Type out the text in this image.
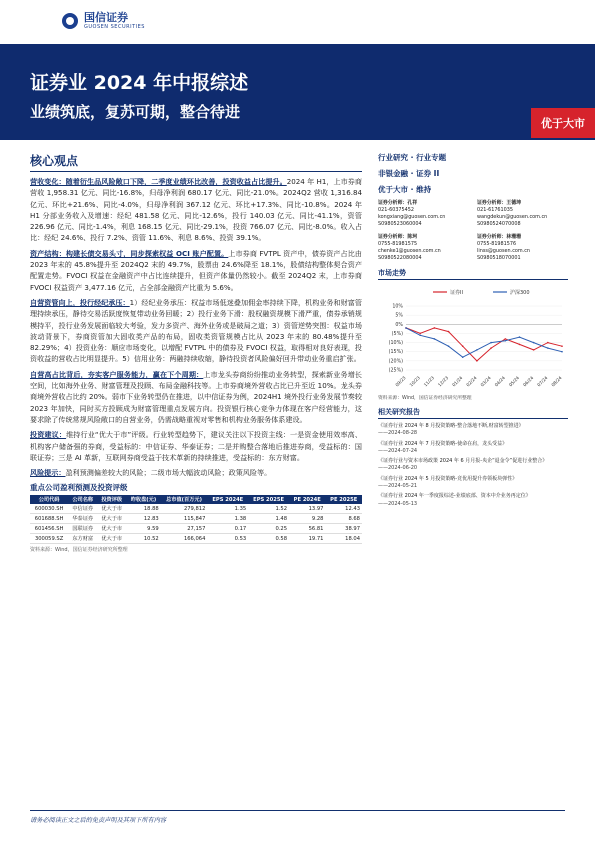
国信证券
GUOSEN SECURITIES
证券业 2024 年中报综述
业绩筑底，复苏可期，整合待进
优于大市
核心观点
营收变化：随着衍生品风险敞口下降，二季度业绩环比改善，投资收益占比提升。2024 年 H1，上市券商营收 1,958.31 亿元、同比-16.8%，归母净利润 680.17 亿元、同比-21.0%。2024Q2 营收 1,316.84 亿元、环比+21.6%、同比-4.0%，归母净利润 367.12 亿元、环比+17.3%、同比-10.8%。2024 年 H1 分部业务收入及增速：经纪 481.58 亿元、同比-12.6%，投行 140.03 亿元、同比-41.1%，资管 226.96 亿元、同比-1.4%，利息 168.15 亿元、同比-29.1%，投资 766.07 亿元、同比-8.0%。收入占比：经纪 24.6%、投行 7.2%、资管 11.6%、利息 8.6%、投资 39.1%。
资产结构：构建长债交易头寸，同步探索权益 OCI 账户配置。上市券商 FVTPL 资产中，债券资产占比由 2023 年末的 45.8%提升至 2024Q2 末的 49.7%，股票由 24.6%降至 18.1%，股债结构整体契合资产配置走势。FVOCI 权益在金融资产中占比连续提升，但资产体量仍然较小。截至 2024Q2 末，上市券商 FVOCI 权益资产 3,477.16 亿元，占全部金融资产比重为 5.6%。
自营资管向上，投行经纪承压：1）经纪业务承压：权益市场低迷叠加佣金率持续下降，机构业务和财富管理持续承压，静待交易活跃度恢复带动业务回暖；2）投行业务下滑：股权融资规模下滑严重，债券承销规模持平，投行业务发展面临较大考验，发力多资产、海外业务或是破局之道；3）资管逆势突围：权益市场波动背景下，券商资管加大固收类产品的布局，固收类资管规模占比从 2023 年末的 80.48%提升至 82.29%；4）投资业务：顺应市场变化，以增配 FVTPL 中的债券及 FVOCI 权益，取得相对良好表现，投资收益的营收占比明显提升。5）信用业务：两融持续收缩，静待投资者风险偏好回升带动业务重启扩张。
自营高占比背后，夯实客户服务能力，赢在下个周期：上市龙头券商纷纷推动业务转型，探索新业务增长空间，比如海外业务、财富管理及投顾、布局金融科技等。上市券商境外营收占比已升至近 10%。龙头券商境外营收占比约 20%。弱市下业务转型仍在推进，以中信证券为例，2024H1 境外投行业务发展节奏较 2023 年加快，同时买方投顾成为财富管理重点发展方向。投资银行核心竞争力体现在客户经营能力，这要求除了传统常规风险敞口的自营业务，仍需战略重视对零售和机构业务服务体系建设。
投资建议：维持行业“优大于市”评级。行业转型趋势下，建议关注以下投资主线：一是资金使用效率高、机构客户储备强的券商，受益标的：中信证券、华泰证券；二是并购整合落地后推进券商，受益标的：国联证券；三是 AI 革新，互联网券商受益于技术革新的持续推进，受益标的：东方财富。
风险提示：盈利预测偏差较大的风险；二级市场大幅波动风险；政策风险等。
重点公司盈利预测及投资评级
公司代码	公司名称	投资评级	昨收盘(元)	总市值(百万元)	EPS 2024E	EPS 2025E	PE 2024E	PE 2025E
600030.SH	中信证券	优大于市	18.88	279,812	1.35	1.52	13.97	12.43
601688.SH	华泰证券	优大于市	12.83	115,847	1.38	1.48	9.28	8.68
601456.SH	国联证券	优大于市	9.59	27,157	0.17	0.25	56.81	38.97
300059.SZ	东方财富	优大于市	10.52	166,064	0.53	0.58	19.71	18.04
资料来源：Wind，国信证券经济研究所整理
行业研究 · 行业专题
非银金融 · 证券 II
优于大市 · 维持
证券分析师：孔祥
021-60375452
kongxiang@guosen.com.cn
S0980523060004
证券分析师：王德坤
021-61761035
wangdekun@guosen.com.cn
S0980524070008
证券分析师：陈珂
0755-81981575
chenke1@guosen.com.cn
S0980522080004
证券分析师：林珊珊
0755-81981576
linss@guosen.com.cn
S0980518070001
市场走势
证券II	沪深300
10%
5%
0%
(5%)
(10%)
(15%)
(20%)
(25%)
09/23 10/23 11/23 12/23 01/24 02/24 03/24 04/24 05/24 06/24 07/24 08/24
资料来源：Wind，国信证券经济研究所整理
相关研究报告
《证券行业 2024 年 8 月投资策略-整合落地不断,财富转型推进》
——2024-08-28
《证券行业 2024 年 7 月投资策略-使命在肩，龙头受益》
——2024-07-24
《证券行业与资本市场政策 2024 年 6 月月报-央企“退金令”促进行业整合》
——2024-06-20
《证券行业 2024 年 5 月投资策略-竞优用提升券领板块弹性》
——2024-05-21
《证券行业 2024 年一季度报综述-业绩底部、资本中介业务再定位》
——2024-05-13
请务必阅读正文之后的免责声明及其项下所有内容
